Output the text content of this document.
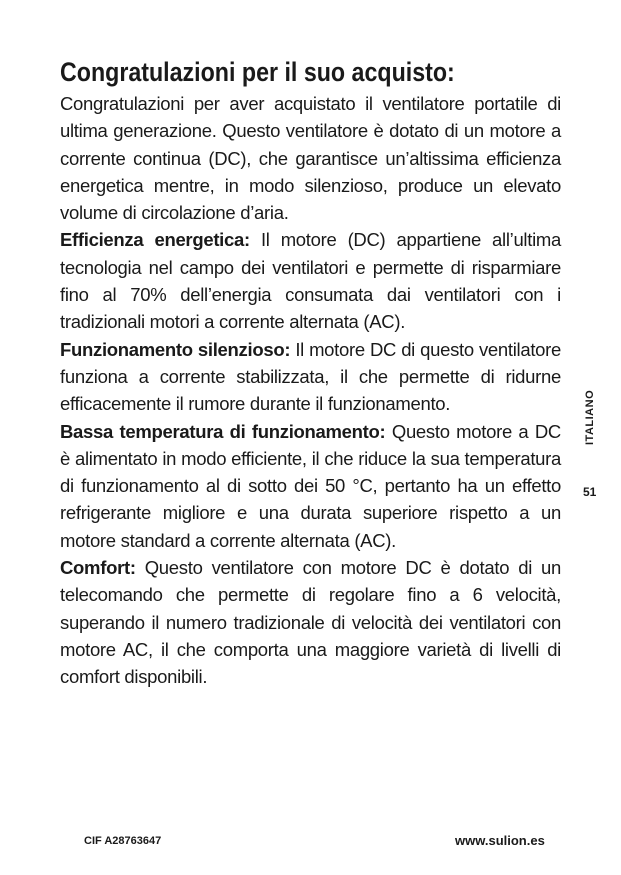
Congratulazioni per il suo acquisto:

Congratulazioni per aver acquistato il ventilatore portatile di ultima generazione. Questo ventilatore è dotato di un motore a corrente continua (DC), che garantisce un’altissima efficienza energetica mentre, in modo silenzioso, produce un elevato volume di circolazione d’aria.

Efficienza energetica: Il motore (DC) appartiene all’ultima tecnologia nel campo dei ventilatori e permette di risparmiare fino al 70% dell’energia consumata dai ventilatori con i tradizionali motori a corrente alternata (AC).

Funzionamento silenzioso: Il motore DC di questo ventilatore funziona a corrente stabilizzata, il che permette di ridurne efficacemente il rumore durante il funzionamento.

Bassa temperatura di funzionamento: Questo motore a DC è alimentato in modo efficiente, il che riduce la sua temperatura di funzionamento al di sotto dei 50 °C, pertanto ha un effetto refrigerante migliore e una durata superiore rispetto a un motore standard a corrente alternata (AC).

Comfort: Questo ventilatore con motore DC è dotato di un telecomando che permette di regolare fino a 6 velocità, superando il numero tradizionale di velocità dei ventilatori con motore AC, il che comporta una maggiore varietà di livelli di comfort disponibili.

ITALIANO
51
CIF A28763647	www.sulion.es
